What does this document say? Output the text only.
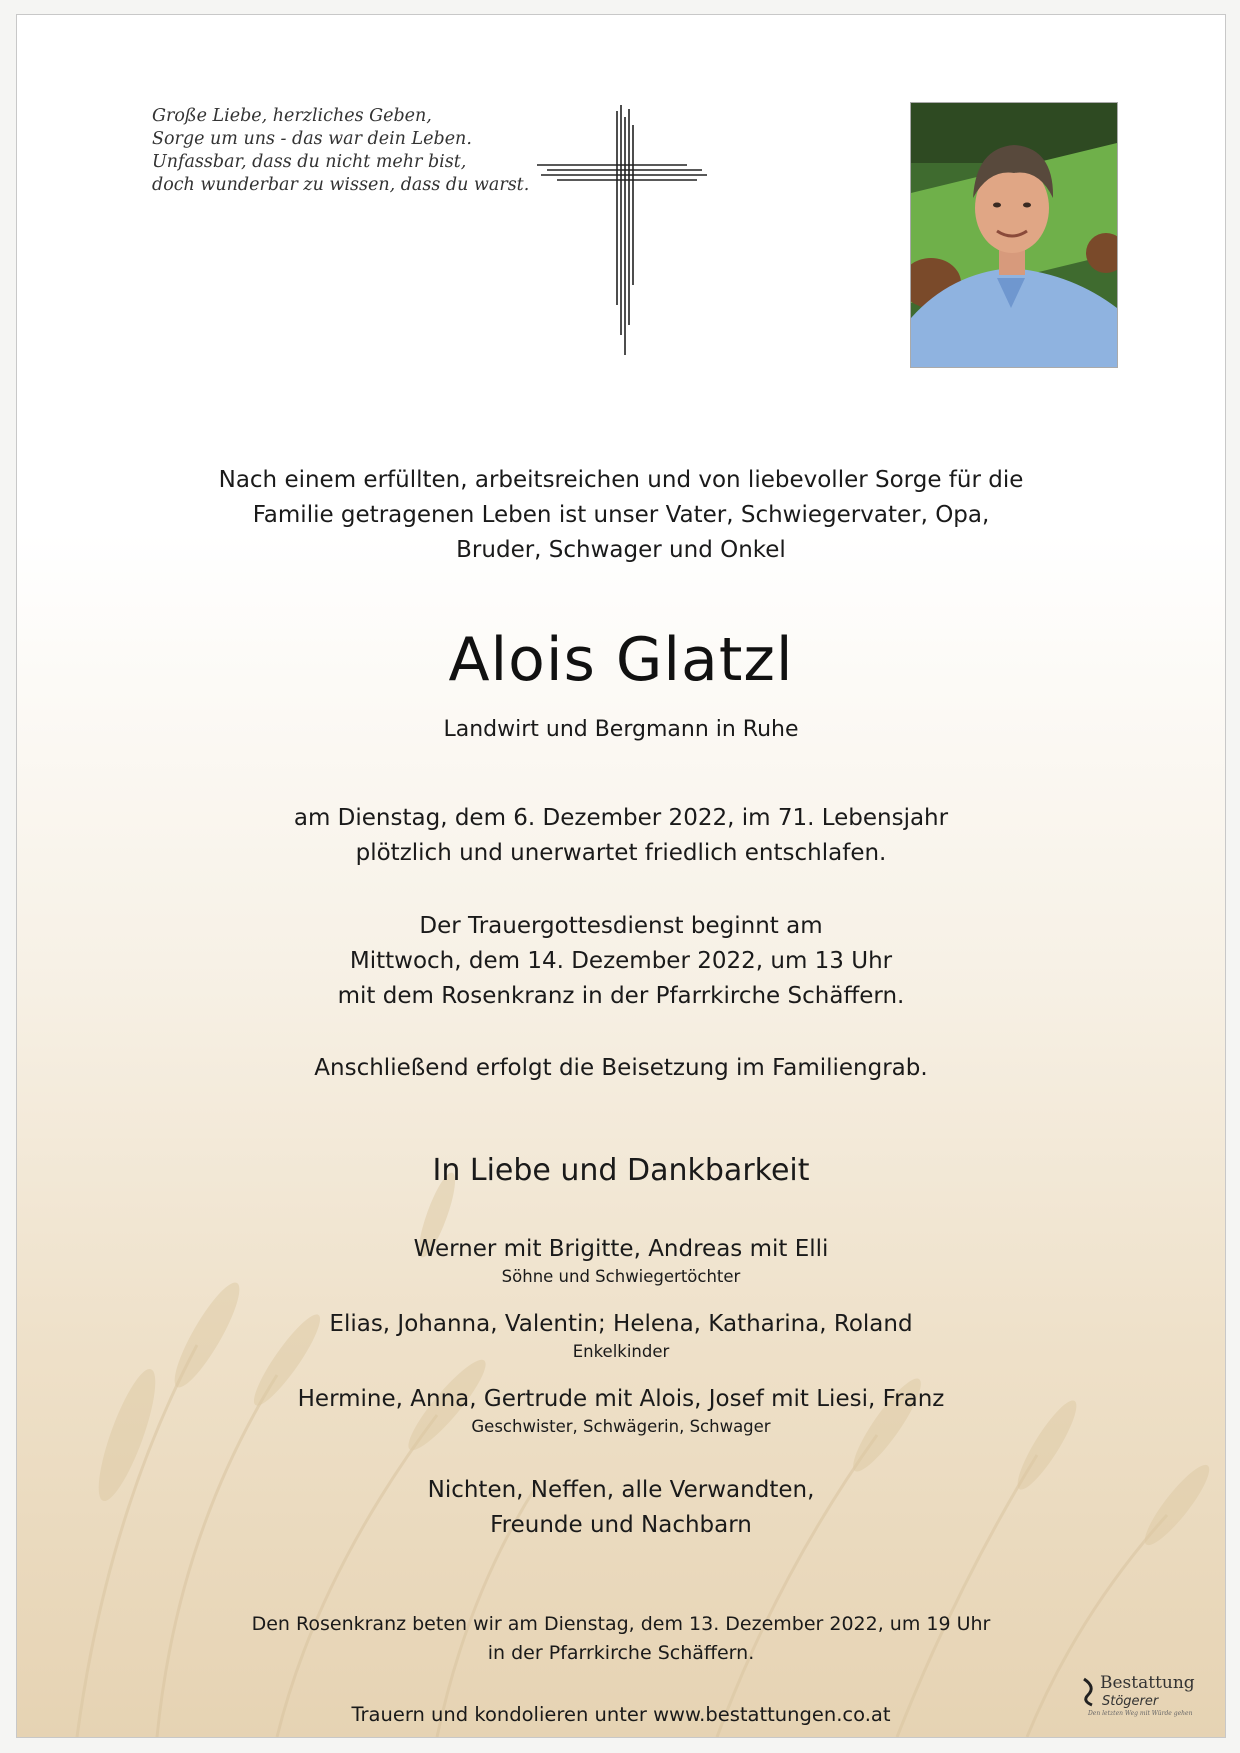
Große Liebe, herzliches Geben,
Sorge um uns - das war dein Leben.
Unfassbar, dass du nicht mehr bist,
doch wunderbar zu wissen, dass du warst.
Nach einem erfüllten, arbeitsreichen und von liebevoller Sorge für die
Familie getragenen Leben ist unser Vater, Schwiegervater, Opa,
Bruder, Schwager und Onkel
Alois Glatzl
Landwirt und Bergmann in Ruhe
am Dienstag, dem 6. Dezember 2022, im 71. Lebensjahr
plötzlich und unerwartet friedlich entschlafen.
Der Trauergottesdienst beginnt am
Mittwoch, dem 14. Dezember 2022, um 13 Uhr
mit dem Rosenkranz in der Pfarrkirche Schäffern.
Anschließend erfolgt die Beisetzung im Familiengrab.
In Liebe und Dankbarkeit
Werner mit Brigitte, Andreas mit Elli
Söhne und Schwiegertöchter
Elias, Johanna, Valentin; Helena, Katharina, Roland
Enkelkinder
Hermine, Anna, Gertrude mit Alois, Josef mit Liesi, Franz
Geschwister, Schwägerin, Schwager
Nichten, Neffen, alle Verwandten,
Freunde und Nachbarn
Den Rosenkranz beten wir am Dienstag, dem 13. Dezember 2022, um 19 Uhr
in der Pfarrkirche Schäffern.
Trauern und kondolieren unter www.bestattungen.co.at
Bestattung
Stögerer
Den letzten Weg mit Würde gehen
